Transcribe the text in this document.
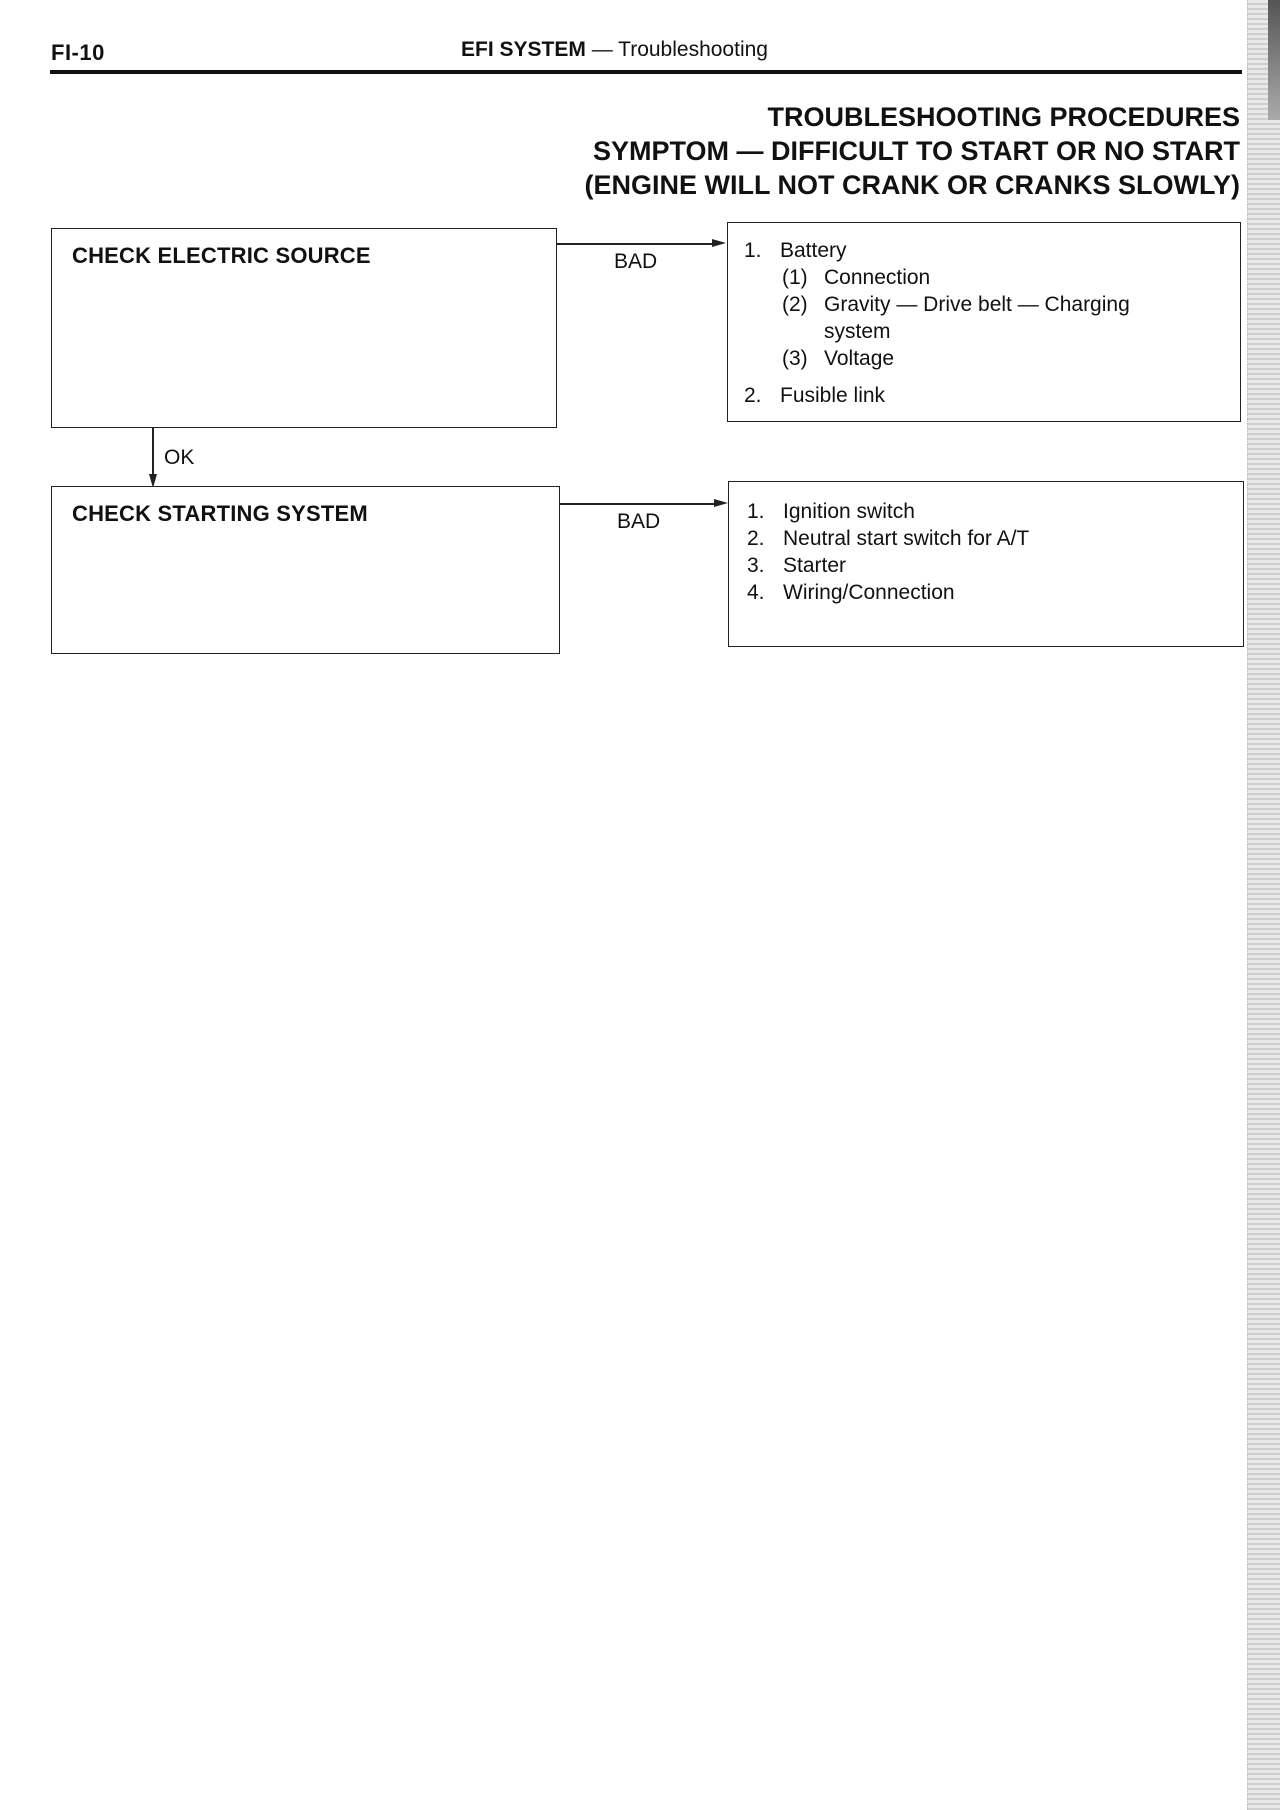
FI-10	EFI SYSTEM — Troubleshooting
TROUBLESHOOTING PROCEDURES
SYMPTOM — DIFFICULT TO START OR NO START
(ENGINE WILL NOT CRANK OR CRANKS SLOWLY)
CHECK ELECTRIC SOURCE	BAD	1. Battery
(1) Connection
(2) Gravity — Drive belt — Charging
system
(3) Voltage
2. Fusible link
OK
CHECK STARTING SYSTEM	BAD	1. Ignition switch
2. Neutral start switch for A/T
3. Starter
4. Wiring/Connection
